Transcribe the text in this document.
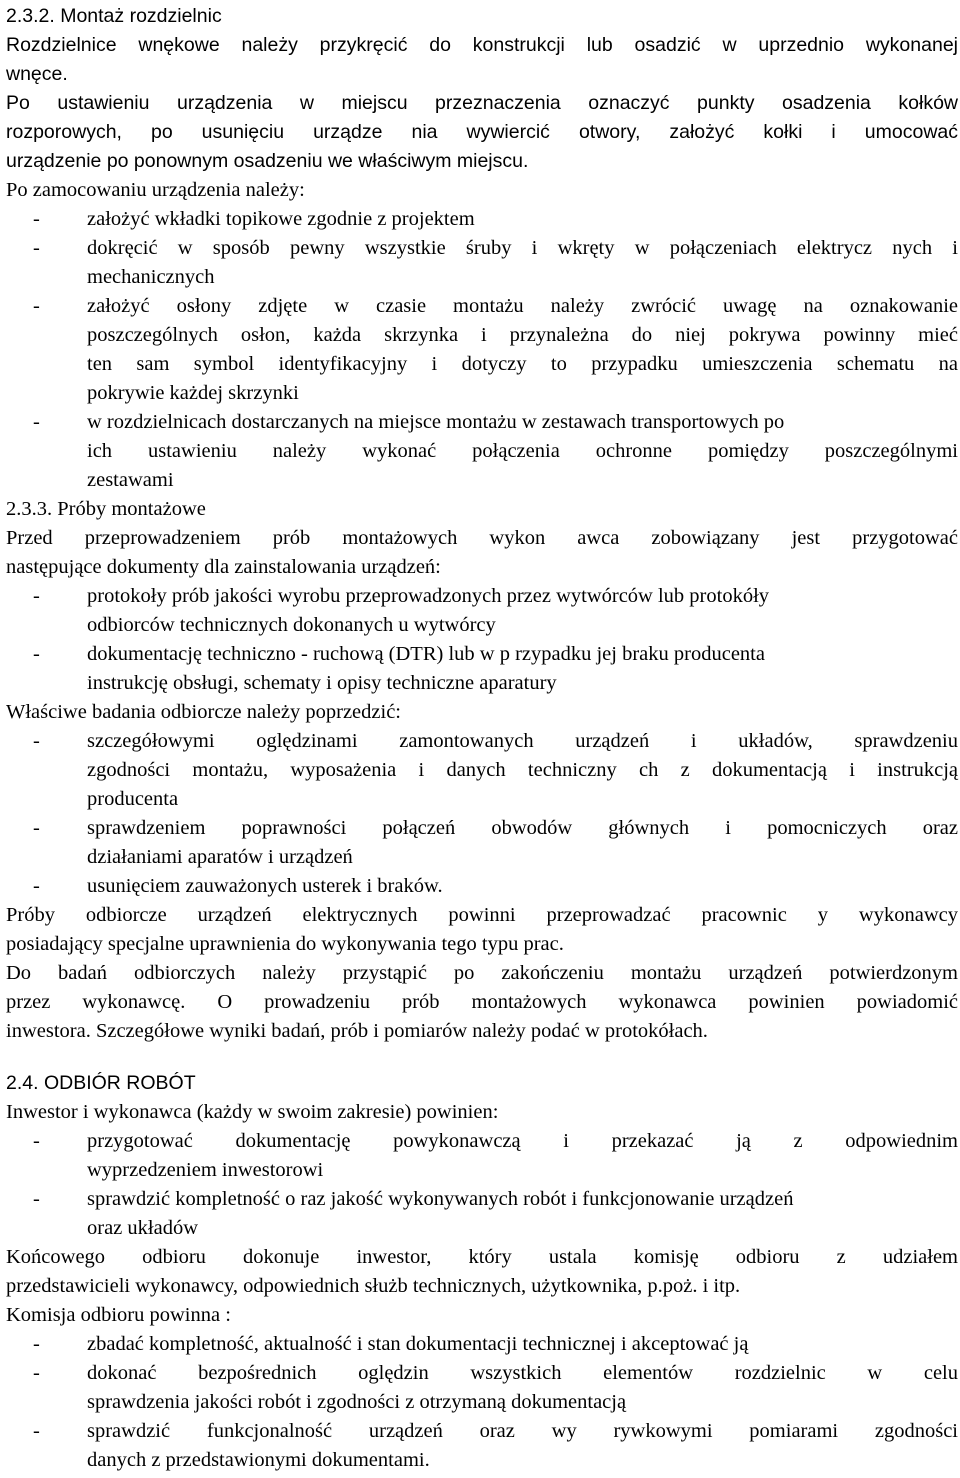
2.3.2. Montaż rozdzielnic
Rozdzielnice wnękowe należy przykręcić do konstrukcji lub osadzić w uprzednio wykonanej
wnęce.
Po ustawieniu urządzenia w miejscu przeznaczenia oznaczyć punkty osadzenia kołków
rozporowych, po usunięciu urządze nia wywiercić otwory, założyć kołki i umocować
urządzenie po ponownym osadzeniu we właściwym miejscu.
Po zamocowaniu urządzenia należy:
- założyć wkładki topikowe zgodnie z projektem
- dokręcić w sposób pewny wszystkie śruby i wkręty w połączeniach elektrycz nych i
mechanicznych
- założyć osłony zdjęte w czasie montażu należy zwrócić uwagę na oznakowanie
poszczególnych osłon, każda skrzynka i przynależna do niej pokrywa powinny mieć
ten sam symbol identyfikacyjny i dotyczy to przypadku umieszczenia schematu na
pokrywie każdej skrzynki
- w rozdzielnicach dostarczanych na miejsce montażu w zestawach transportowych po
ich ustawieniu należy wykonać połączenia ochronne pomiędzy poszczególnymi
zestawami
2.3.3. Próby montażowe
Przed przeprowadzeniem prób montażowych wykon awca zobowiązany jest przygotować
następujące dokumenty dla zainstalowania urządzeń:
- protokoły prób jakości wyrobu przeprowadzonych przez wytwórców lub protokóły
odbiorców technicznych dokonanych u wytwórcy
- dokumentację techniczno - ruchową (DTR) lub w p rzypadku jej braku producenta
instrukcję obsługi, schematy i opisy techniczne aparatury
Właściwe badania odbiorcze należy poprzedzić:
- szczegółowymi oględzinami zamontowanych urządzeń i układów, sprawdzeniu
zgodności montażu, wyposażenia i danych techniczny ch z dokumentacją i instrukcją
producenta
- sprawdzeniem poprawności połączeń obwodów głównych i pomocniczych oraz
działaniami aparatów i urządzeń
- usunięciem zauważonych usterek i braków.
Próby odbiorcze urządzeń elektrycznych powinni przeprowadzać pracownic y wykonawcy
posiadający specjalne uprawnienia do wykonywania tego typu prac.
Do badań odbiorczych należy przystąpić po zakończeniu montażu urządzeń potwierdzonym
przez wykonawcę. O prowadzeniu prób montażowych wykonawca powinien powiadomić
inwestora. Szczegółowe wyniki badań, prób i pomiarów należy podać w protokółach.
2.4. ODBIÓR ROBÓT
Inwestor i wykonawca (każdy w swoim zakresie) powinien:
- przygotować dokumentację powykonawczą i przekazać ją z odpowiednim
wyprzedzeniem inwestorowi
- sprawdzić kompletność o raz jakość wykonywanych robót i funkcjonowanie urządzeń
oraz układów
Końcowego odbioru dokonuje inwestor, który ustala komisję odbioru z udziałem
przedstawicieli wykonawcy, odpowiednich służb technicznych, użytkownika, p.poż. i itp.
Komisja odbioru powinna :
- zbadać kompletność, aktualność i stan dokumentacji technicznej i akceptować ją
- dokonać bezpośrednich oględzin wszystkich elementów rozdzielnic w celu
sprawdzenia jakości robót i zgodności z otrzymaną dokumentacją
- sprawdzić funkcjonalność urządzeń oraz wy rywkowymi pomiarami zgodności
danych z przedstawionymi dokumentami.
